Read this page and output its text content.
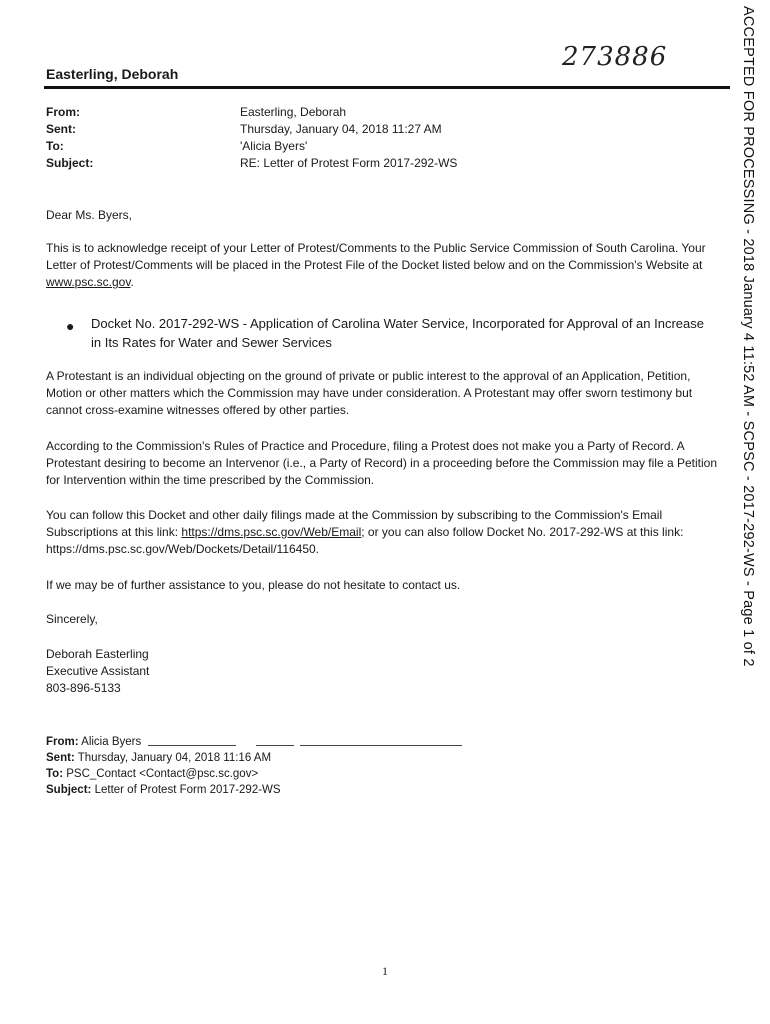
273886
Easterling, Deborah
From:	Easterling, Deborah
Sent:	Thursday, January 04, 2018 11:27 AM
To:	'Alicia Byers'
Subject:	RE: Letter of Protest Form 2017-292-WS
Dear Ms. Byers,
This is to acknowledge receipt of your Letter of Protest/Comments to the Public Service Commission of South Carolina. Your Letter of Protest/Comments will be placed in the Protest File of the Docket listed below and on the Commission's Website at www.psc.sc.gov.
● Docket No. 2017-292-WS - Application of Carolina Water Service, Incorporated for Approval of an Increase in Its Rates for Water and Sewer Services
A Protestant is an individual objecting on the ground of private or public interest to the approval of an Application, Petition, Motion or other matters which the Commission may have under consideration. A Protestant may offer sworn testimony but cannot cross-examine witnesses offered by other parties.
According to the Commission's Rules of Practice and Procedure, filing a Protest does not make you a Party of Record. A Protestant desiring to become an Intervenor (i.e., a Party of Record) in a proceeding before the Commission may file a Petition for Intervention within the time prescribed by the Commission.
You can follow this Docket and other daily filings made at the Commission by subscribing to the Commission's Email Subscriptions at this link: https://dms.psc.sc.gov/Web/Email; or you can also follow Docket No. 2017-292-WS at this link: https://dms.psc.sc.gov/Web/Dockets/Detail/116450.
If we may be of further assistance to you, please do not hesitate to contact us.
Sincerely,
Deborah Easterling
Executive Assistant
803-896-5133
From: Alicia Byers
Sent: Thursday, January 04, 2018 11:16 AM
To: PSC_Contact <Contact@psc.sc.gov>
Subject: Letter of Protest Form 2017-292-WS
1
ACCEPTED FOR PROCESSING - 2018 January 4 11:52 AM - SCPSC - 2017-292-WS - Page 1 of 2
